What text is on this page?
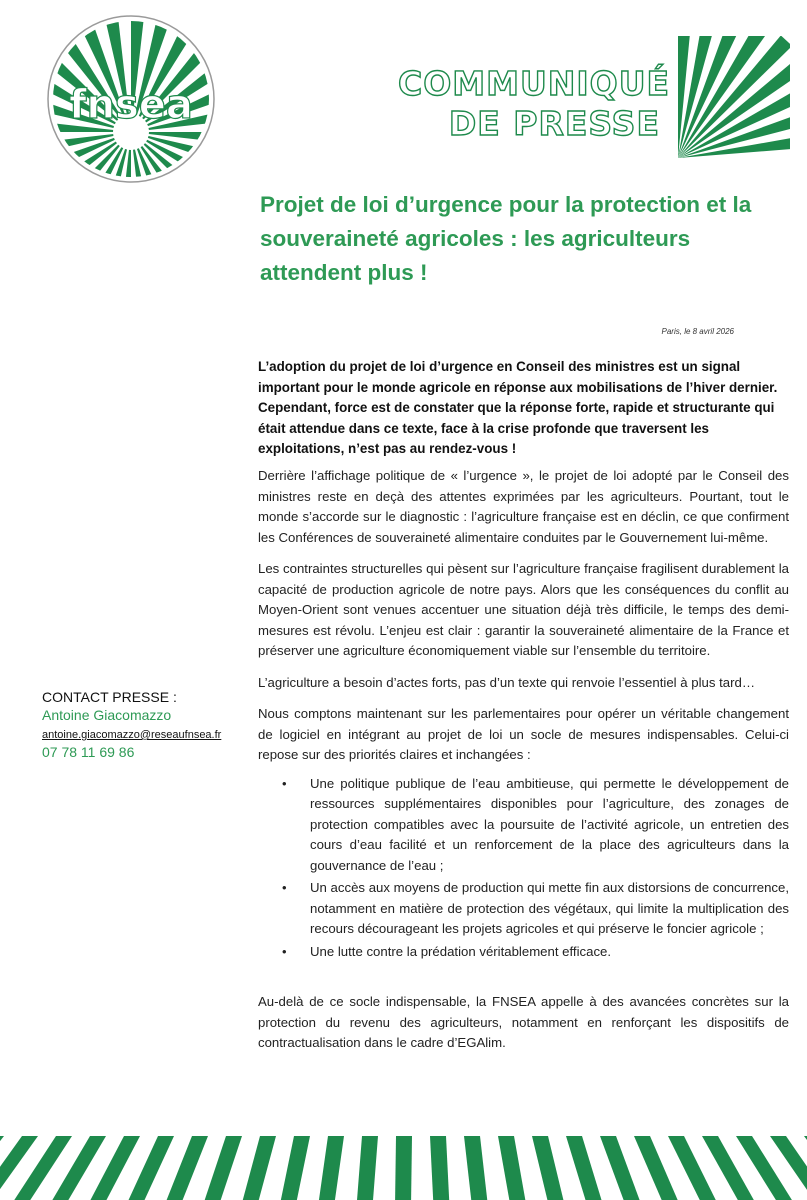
fnsea	COMMUNIQUÉ
DE PRESSE
Projet de loi d’urgence pour la protection et la souveraineté agricoles : les agriculteurs attendent plus !
Paris, le 8 avril 2026

L’adoption du projet de loi d’urgence en Conseil des ministres est un signal important pour le monde agricole en réponse aux mobilisations de l’hiver dernier. Cependant, force est de constater que la réponse forte, rapide et structurante qui était attendue dans ce texte, face à la crise profonde que traversent les exploitations, n’est pas au rendez-vous !

Derrière l’affichage politique de « l’urgence », le projet de loi adopté par le Conseil des ministres reste en deçà des attentes exprimées par les agriculteurs. Pourtant, tout le monde s’accorde sur le diagnostic : l’agriculture française est en déclin, ce que confirment les Conférences de souveraineté alimentaire conduites par le Gouvernement lui-même.

Les contraintes structurelles qui pèsent sur l’agriculture française fragilisent durablement la capacité de production agricole de notre pays. Alors que les conséquences du conflit au Moyen-Orient sont venues accentuer une situation déjà très difficile, le temps des demi-mesures est révolu. L’enjeu est clair : garantir la souveraineté alimentaire de la France et préserver une agriculture économiquement viable sur l’ensemble du territoire.

L’agriculture a besoin d’actes forts, pas d’un texte qui renvoie l’essentiel à plus tard…

Nous comptons maintenant sur les parlementaires pour opérer un véritable changement de logiciel en intégrant au projet de loi un socle de mesures indispensables. Celui-ci repose sur des priorités claires et inchangées :

• Une politique publique de l’eau ambitieuse, qui permette le développement de ressources supplémentaires disponibles pour l’agriculture, des zonages de protection compatibles avec la poursuite de l’activité agricole, un entretien des cours d’eau facilité et un renforcement de la place des agriculteurs dans la gouvernance de l’eau ;
• Un accès aux moyens de production qui mette fin aux distorsions de concurrence, notamment en matière de protection des végétaux, qui limite la multiplication des recours décourageant les projets agricoles et qui préserve le foncier agricole ;
• Une lutte contre la prédation véritablement efficace.

Au-delà de ce socle indispensable, la FNSEA appelle à des avancées concrètes sur la protection du revenu des agriculteurs, notamment en renforçant les dispositifs de contractualisation dans le cadre d’EGAlim.

CONTACT PRESSE :
Antoine Giacomazzo
antoine.giacomazzo@reseaufnsea.fr
07 78 11 69 86
